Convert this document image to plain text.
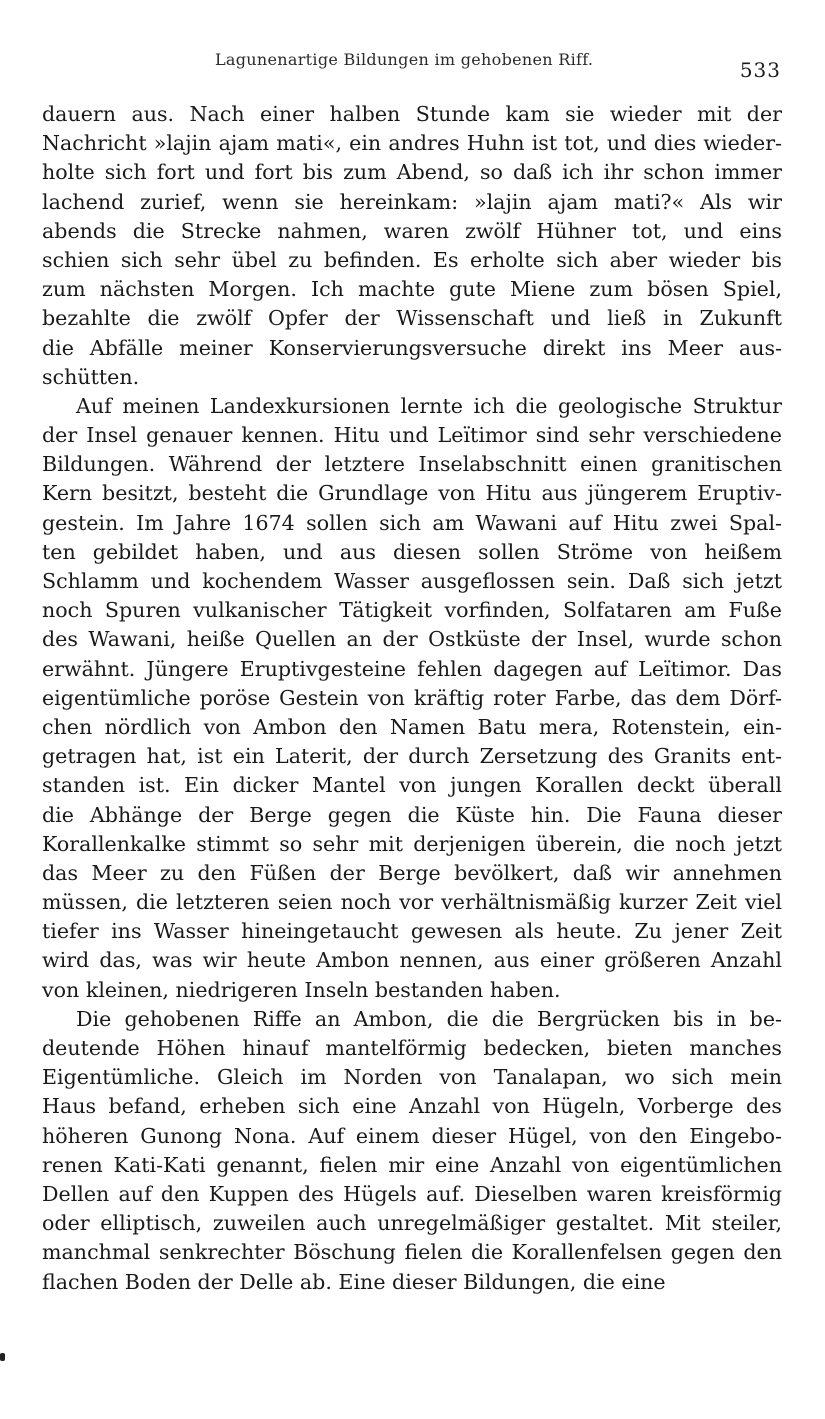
Lagunenartige Bildungen im gehobenen Riff.	533
dauern aus. Nach einer halben Stunde kam sie wieder mit der
Nachricht »lajin ajam mati«, ein andres Huhn ist tot, und dies wieder-
holte sich fort und fort bis zum Abend, so daß ich ihr schon immer
lachend zurief, wenn sie hereinkam: »lajin ajam mati?« Als wir
abends die Strecke nahmen, waren zwölf Hühner tot, und eins
schien sich sehr übel zu befinden. Es erholte sich aber wieder bis
zum nächsten Morgen. Ich machte gute Miene zum bösen Spiel,
bezahlte die zwölf Opfer der Wissenschaft und ließ in Zukunft
die Abfälle meiner Konservierungsversuche direkt ins Meer aus-
schütten.
Auf meinen Landexkursionen lernte ich die geologische Struktur
der Insel genauer kennen. Hitu und Leïtimor sind sehr verschiedene
Bildungen. Während der letztere Inselabschnitt einen granitischen
Kern besitzt, besteht die Grundlage von Hitu aus jüngerem Eruptiv-
gestein. Im Jahre 1674 sollen sich am Wawani auf Hitu zwei Spal-
ten gebildet haben, und aus diesen sollen Ströme von heißem
Schlamm und kochendem Wasser ausgeflossen sein. Daß sich jetzt
noch Spuren vulkanischer Tätigkeit vorfinden, Solfataren am Fuße
des Wawani, heiße Quellen an der Ostküste der Insel, wurde schon
erwähnt. Jüngere Eruptivgesteine fehlen dagegen auf Leïtimor. Das
eigentümliche poröse Gestein von kräftig roter Farbe, das dem Dörf-
chen nördlich von Ambon den Namen Batu mera, Rotenstein, ein-
getragen hat, ist ein Laterit, der durch Zersetzung des Granits ent-
standen ist. Ein dicker Mantel von jungen Korallen deckt überall
die Abhänge der Berge gegen die Küste hin. Die Fauna dieser
Korallenkalke stimmt so sehr mit derjenigen überein, die noch jetzt
das Meer zu den Füßen der Berge bevölkert, daß wir annehmen
müssen, die letzteren seien noch vor verhältnismäßig kurzer Zeit viel
tiefer ins Wasser hineingetaucht gewesen als heute. Zu jener Zeit
wird das, was wir heute Ambon nennen, aus einer größeren Anzahl
von kleinen, niedrigeren Inseln bestanden haben.
Die gehobenen Riffe an Ambon, die die Bergrücken bis in be-
deutende Höhen hinauf mantelförmig bedecken, bieten manches
Eigentümliche. Gleich im Norden von Tanalapan, wo sich mein
Haus befand, erheben sich eine Anzahl von Hügeln, Vorberge des
höheren Gunong Nona. Auf einem dieser Hügel, von den Eingebo-
renen Kati-Kati genannt, fielen mir eine Anzahl von eigentümlichen
Dellen auf den Kuppen des Hügels auf. Dieselben waren kreisförmig
oder elliptisch, zuweilen auch unregelmäßiger gestaltet. Mit steiler,
manchmal senkrechter Böschung fielen die Korallenfelsen gegen den
flachen Boden der Delle ab. Eine dieser Bildungen, die eine
